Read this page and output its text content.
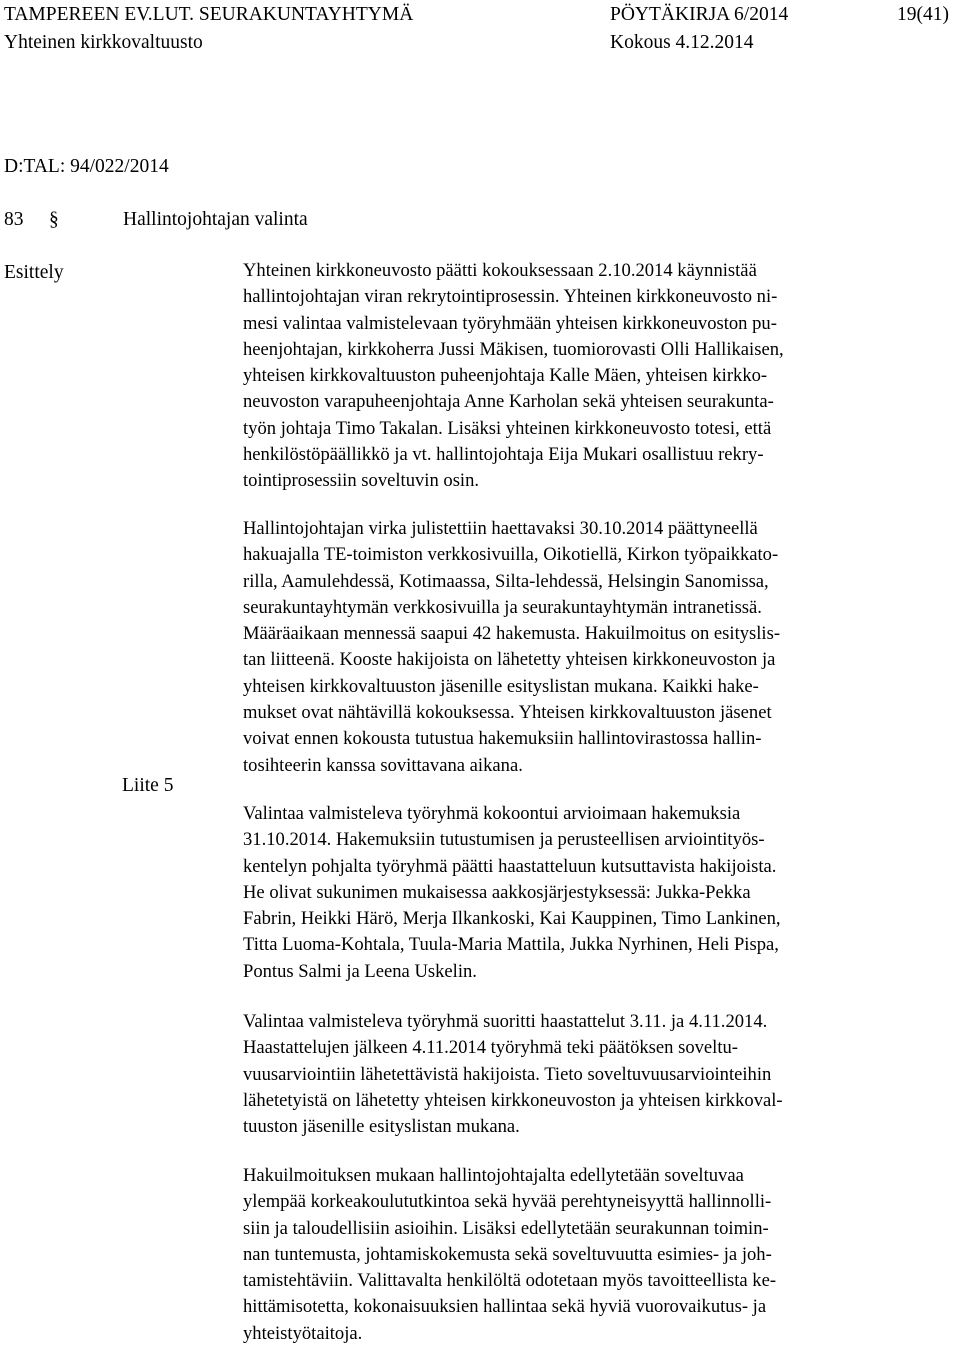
TAMPEREEN EV.LUT. SEURAKUNTAYHTYMÄ	PÖYTÄKIRJA 6/2014	19(41)
Yhteinen kirkkovaltuusto	Kokous 4.12.2014
D:TAL: 94/022/2014
83 §	Hallintojohtajan valinta
Esittely
Liite 5

Yhteinen kirkkoneuvosto päätti kokouksessaan 2.10.2014 käynnistää
hallintojohtajan viran rekrytointiprosessin. Yhteinen kirkkoneuvosto ni-
mesi valintaa valmistelevaan työryhmään yhteisen kirkkoneuvoston pu-
heenjohtajan, kirkkoherra Jussi Mäkisen, tuomiorovasti Olli Hallikaisen,
yhteisen kirkkovaltuuston puheenjohtaja Kalle Mäen, yhteisen kirkko-
neuvoston varapuheenjohtaja Anne Karholan sekä yhteisen seurakunta-
työn johtaja Timo Takalan. Lisäksi yhteinen kirkkoneuvosto totesi, että
henkilöstöpäällikkö ja vt. hallintojohtaja Eija Mukari osallistuu rekry-
tointiprosessiin soveltuvin osin.

Hallintojohtajan virka julistettiin haettavaksi 30.10.2014 päättyneellä
hakuajalla TE-toimiston verkkosivuilla, Oikotiellä, Kirkon työpaikkato-
rilla, Aamulehdessä, Kotimaassa, Silta-lehdessä, Helsingin Sanomissa,
seurakuntayhtymän verkkosivuilla ja seurakuntayhtymän intranetissä.
Määräaikaan mennessä saapui 42 hakemusta. Hakuilmoitus on esityslis-
tan liitteenä. Kooste hakijoista on lähetetty yhteisen kirkkoneuvoston ja
yhteisen kirkkovaltuuston jäsenille esityslistan mukana. Kaikki hake-
mukset ovat nähtävillä kokouksessa. Yhteisen kirkkovaltuuston jäsenet
voivat ennen kokousta tutustua hakemuksiin hallintovirastossa hallin-
tosihteerin kanssa sovittavana aikana.

Valintaa valmisteleva työryhmä kokoontui arvioimaan hakemuksia
31.10.2014. Hakemuksiin tutustumisen ja perusteellisen arviointityös-
kentelyn pohjalta työryhmä päätti haastatteluun kutsuttavista hakijoista.
He olivat sukunimen mukaisessa aakkosjärjestyksessä: Jukka-Pekka
Fabrin, Heikki Härö, Merja Ilkankoski, Kai Kauppinen, Timo Lankinen,
Titta Luoma-Kohtala, Tuula-Maria Mattila, Jukka Nyrhinen, Heli Pispa,
Pontus Salmi ja Leena Uskelin.

Valintaa valmisteleva työryhmä suoritti haastattelut 3.11. ja 4.11.2014.
Haastattelujen jälkeen 4.11.2014 työryhmä teki päätöksen soveltu-
vuusarviointiin lähetettävistä hakijoista. Tieto soveltuvuusarviointeihin
lähetetyistä on lähetetty yhteisen kirkkoneuvoston ja yhteisen kirkkoval-
tuuston jäsenille esityslistan mukana.

Hakuilmoituksen mukaan hallintojohtajalta edellytetään soveltuvaa
ylempää korkeakoulututkintoa sekä hyvää perehtyneisyyttä hallinnolli-
siin ja taloudellisiin asioihin. Lisäksi edellytetään seurakunnan toimin-
nan tuntemusta, johtamiskokemusta sekä soveltuvuutta esimies- ja joh-
tamistehtäviin. Valittavalta henkilöltä odotetaan myös tavoitteellista ke-
hittämisotetta, kokonaisuuksien hallintaa sekä hyviä vuorovaikutus- ja
yhteistyötaitoja.
